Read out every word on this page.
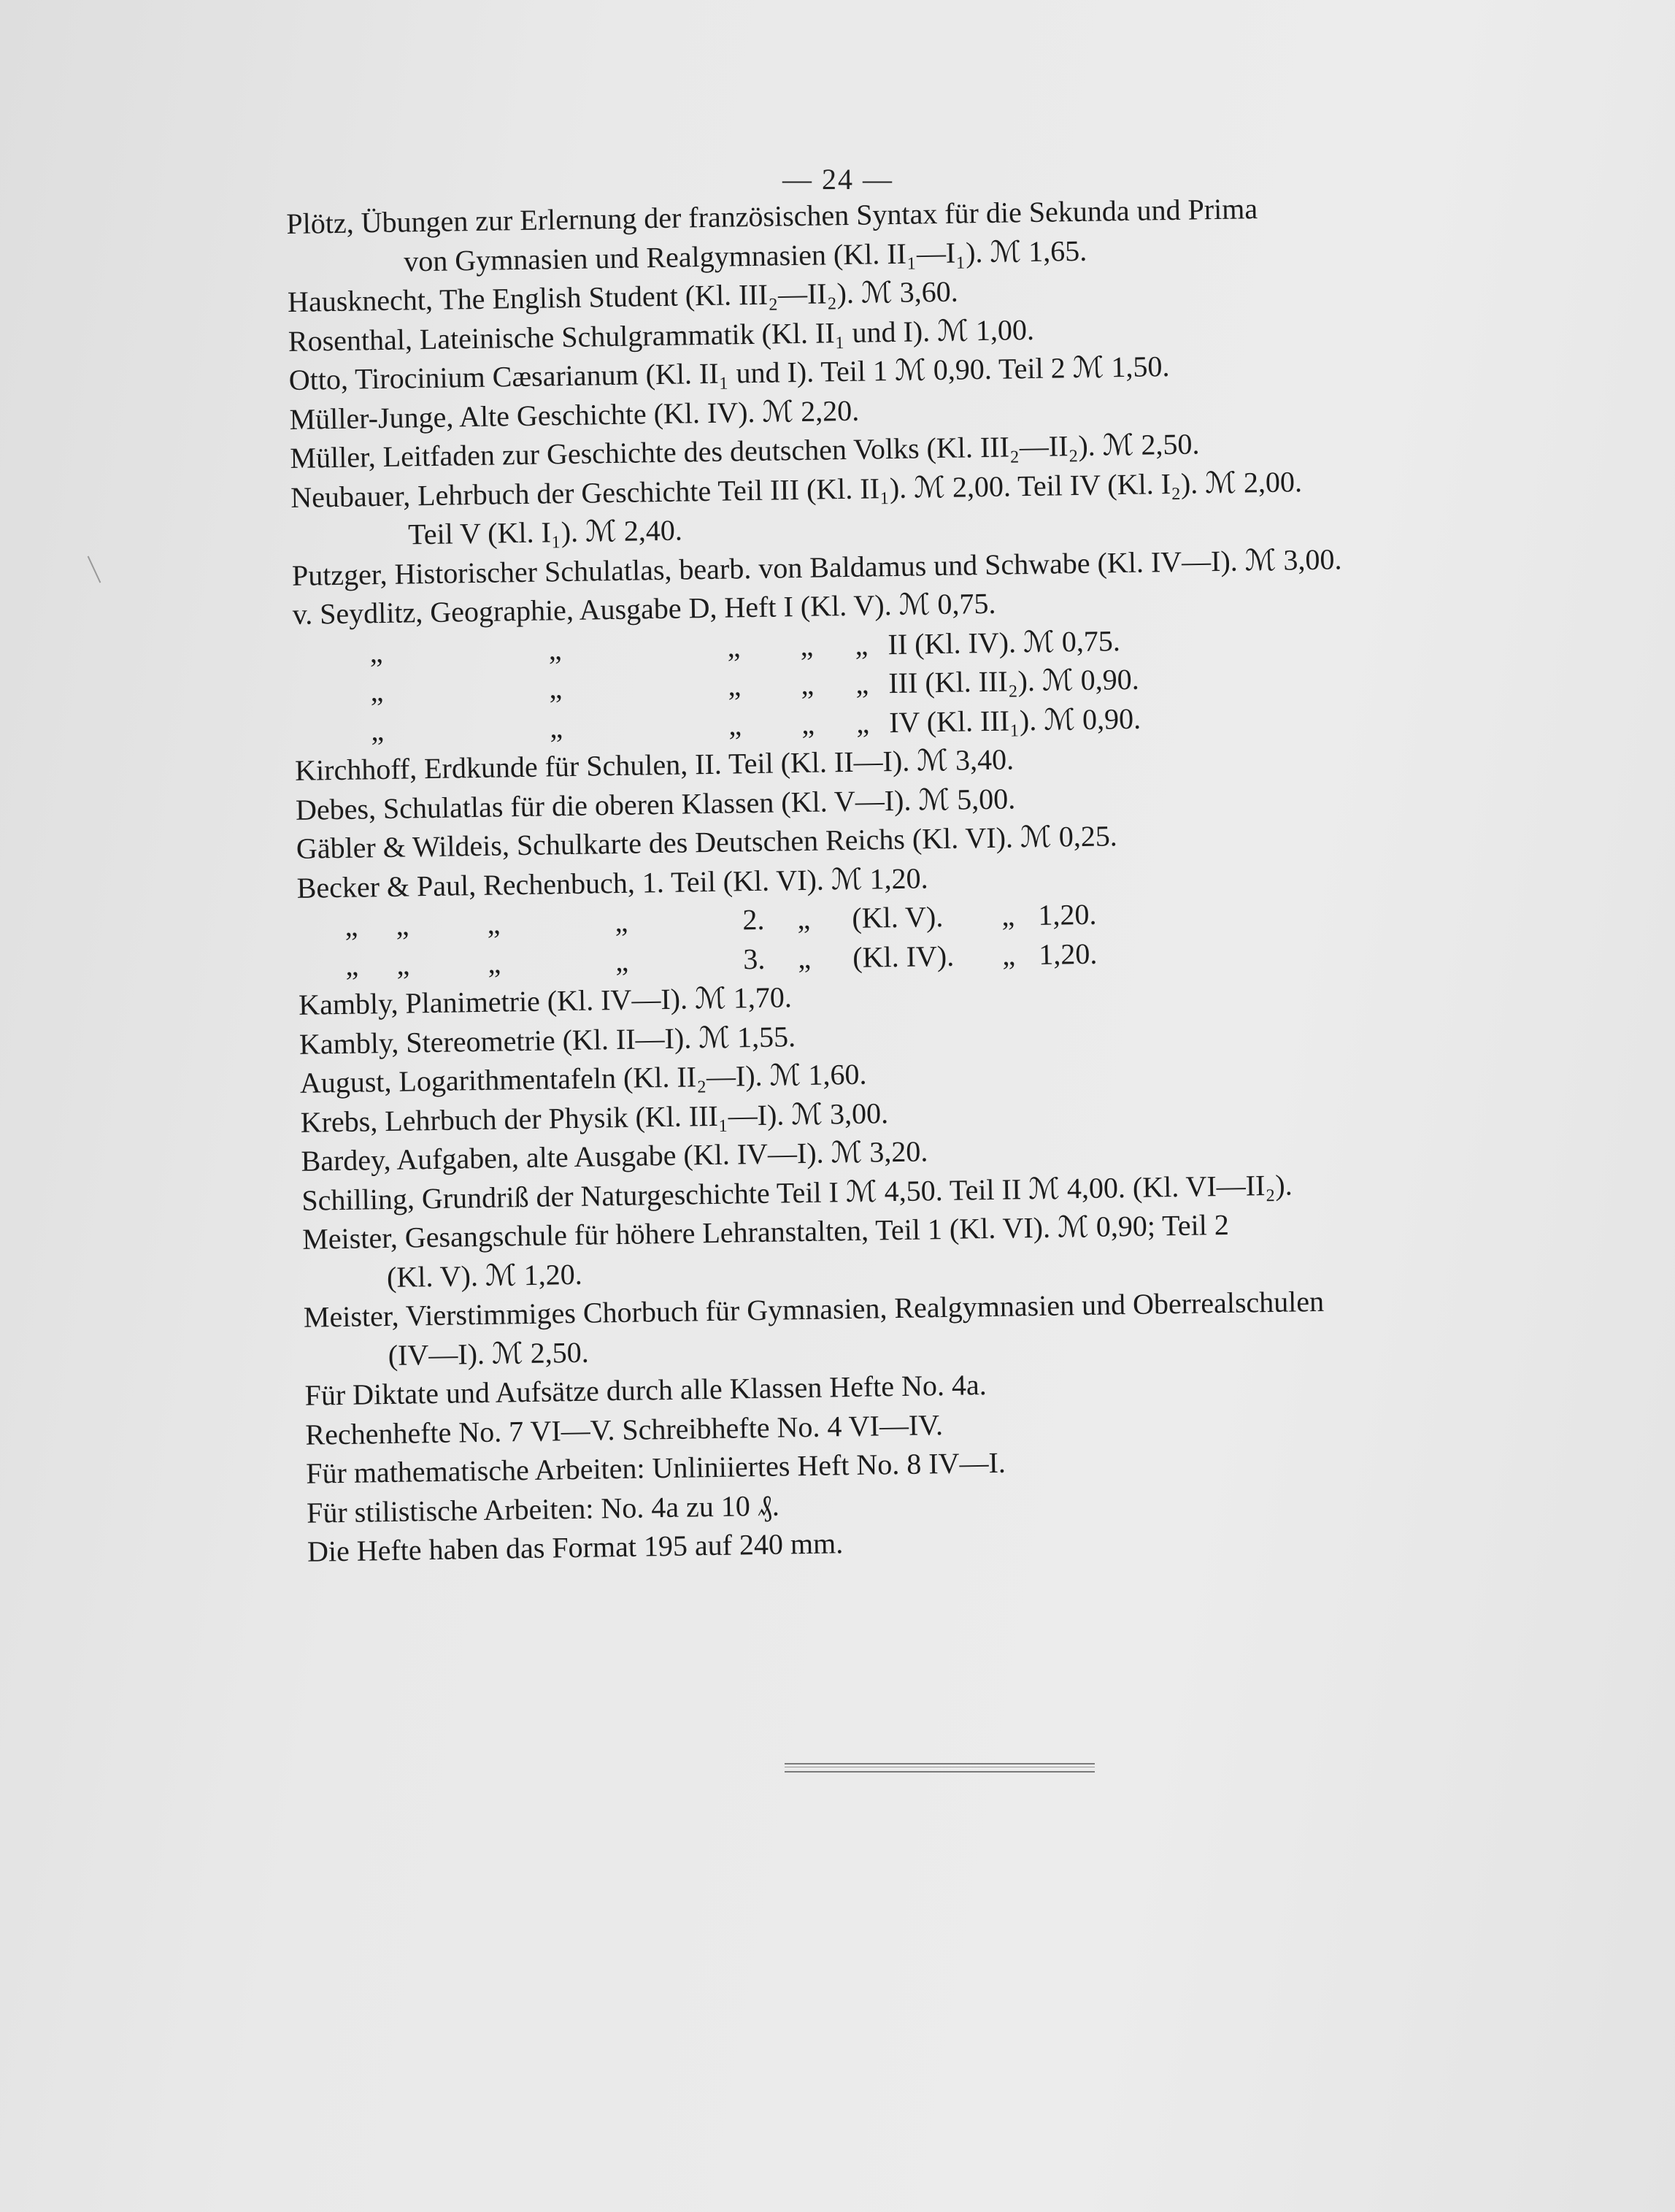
— 24 —
Plötz, Übungen zur Erlernung der französischen Syntax für die Sekunda und Prima
von Gymnasien und Realgymnasien (Kl. II₁—I₁). ℳ 1,65.
Hausknecht, The English Student (Kl. III₂—II₂). ℳ 3,60.
Rosenthal, Lateinische Schulgrammatik (Kl. II₁ und I). ℳ 1,00.
Otto, Tirocinium Cæsarianum (Kl. II₁ und I). Teil 1 ℳ 0,90. Teil 2 ℳ 1,50.
Müller-Junge, Alte Geschichte (Kl. IV). ℳ 2,20.
Müller, Leitfaden zur Geschichte des deutschen Volks (Kl. III₂—II₂). ℳ 2,50.
Neubauer, Lehrbuch der Geschichte Teil III (Kl. II₁). ℳ 2,00. Teil IV (Kl. I₂). ℳ 2,00.
Teil V (Kl. I₁). ℳ 2,40.
Putzger, Historischer Schulatlas, bearb. von Baldamus und Schwabe (Kl. IV—I). ℳ 3,00.
v. Seydlitz, Geographie, Ausgabe D, Heft I (Kl. V). ℳ 0,75.
„	„	„ „ „ II (Kl. IV). ℳ 0,75.
„	„	„ „ „ III (Kl. III₂). ℳ 0,90.
„	„	„ „ „ IV (Kl. III₁). ℳ 0,90.
Kirchhoff, Erdkunde für Schulen, II. Teil (Kl. II—I). ℳ 3,40.
Debes, Schulatlas für die oberen Klassen (Kl. V—I). ℳ 5,00.
Gäbler & Wildeis, Schulkarte des Deutschen Reichs (Kl. VI). ℳ 0,25.
Becker & Paul, Rechenbuch, 1. Teil (Kl. VI). ℳ 1,20.
„ „	„	„	2. „ (Kl. V). „ 1,20.
„ „	„	„	3. „ (Kl. IV). „ 1,20.
Kambly, Planimetrie (Kl. IV—I). ℳ 1,70.
Kambly, Stereometrie (Kl. II—I). ℳ 1,55.
August, Logarithmentafeln (Kl. II₂—I). ℳ 1,60.
Krebs, Lehrbuch der Physik (Kl. III₁—I). ℳ 3,00.
Bardey, Aufgaben, alte Ausgabe (Kl. IV—I). ℳ 3,20.
Schilling, Grundriß der Naturgeschichte Teil I ℳ 4,50. Teil II ℳ 4,00. (Kl. VI—II₂).
Meister, Gesangschule für höhere Lehranstalten, Teil 1 (Kl. VI). ℳ 0,90; Teil 2
(Kl. V). ℳ 1,20.
Meister, Vierstimmiges Chorbuch für Gymnasien, Realgymnasien und Oberrealschulen
(IV—I). ℳ 2,50.
Für Diktate und Aufsätze durch alle Klassen Hefte No. 4a.
Rechenhefte No. 7 VI—V. Schreibhefte No. 4 VI—IV.
Für mathematische Arbeiten: Unliniiertes Heft No. 8 IV—I.
Für stilistische Arbeiten: No. 4a zu 10 ₰.
Die Hefte haben das Format 195 auf 240 mm.
